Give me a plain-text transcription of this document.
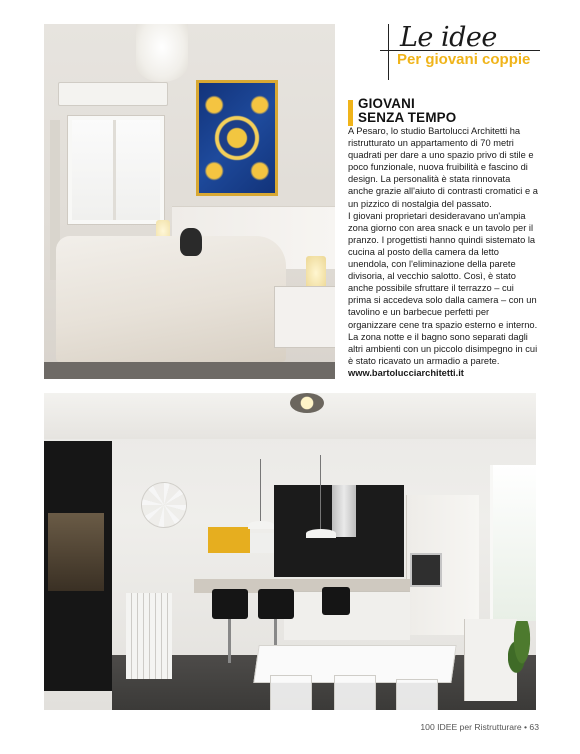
Le idee
Per giovani coppie
GIOVANI
SENZA TEMPO

A Pesaro, lo studio Bartolucci Architetti ha ristrutturato un appartamento di 70 metri quadrati per dare a uno spazio privo di stile e poco funzionale, nuova fruibilità e fascino di design. La personalità è stata rinnovata anche grazie all'aiuto di contrasti cromatici e a un pizzico di nostalgia del passato.

I giovani proprietari desideravano un'ampia zona giorno con area snack e un tavolo per il pranzo. I progettisti hanno quindi sistemato la cucina al posto della camera da letto unendola, con l'eliminazione della parete divisoria, al vecchio salotto. Così, è stato anche possibile sfruttare il terrazzo – cui prima si accedeva solo dalla camera – con un tavolino e un barbecue perfetti per organizzare cene tra spazio esterno e interno. La zona notte e il bagno sono separati dagli altri ambienti con un piccolo disimpegno in cui è stato ricavato un armadio a parete.

www.bartolucciarchitetti.it

100 IDEE per Ristrutturare • 63
